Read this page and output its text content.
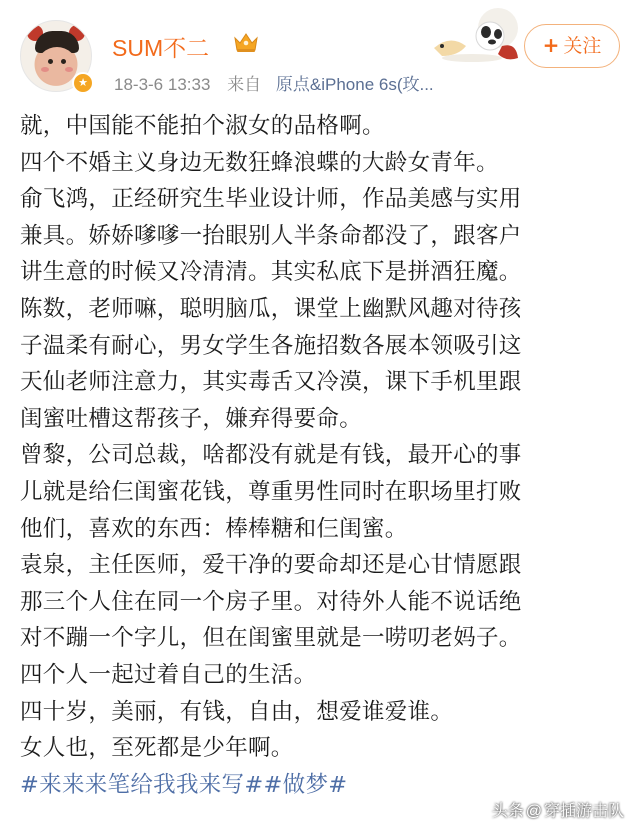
★
SUM不二
18-3-6 13:33 来自 原点&iPhone 6s(玫...
+ 关注
就，中国能不能拍个淑女的品格啊。
四个不婚主义身边无数狂蜂浪蝶的大龄女青年。
俞飞鸿，正经研究生毕业设计师，作品美感与实用
兼具。娇娇嗲嗲一抬眼别人半条命都没了，跟客户
讲生意的时候又冷清清。其实私底下是拼酒狂魔。
陈数，老师嘛，聪明脑瓜，课堂上幽默风趣对待孩
子温柔有耐心，男女学生各施招数各展本领吸引这
天仙老师注意力，其实毒舌又冷漠，课下手机里跟
闺蜜吐槽这帮孩子，嫌弃得要命。
曾黎，公司总裁，啥都没有就是有钱，最开心的事
儿就是给仨闺蜜花钱，尊重男性同时在职场里打败
他们，喜欢的东西：棒棒糖和仨闺蜜。
袁泉，主任医师，爱干净的要命却还是心甘情愿跟
那三个人住在同一个房子里。对待外人能不说话绝
对不蹦一个字儿，但在闺蜜里就是一唠叨老妈子。
四个人一起过着自己的生活。
四十岁，美丽，有钱，自由，想爱谁爱谁。
女人也，至死都是少年啊。
#来来来笔给我我来写##做梦#
头条 @ 穿插游击队
